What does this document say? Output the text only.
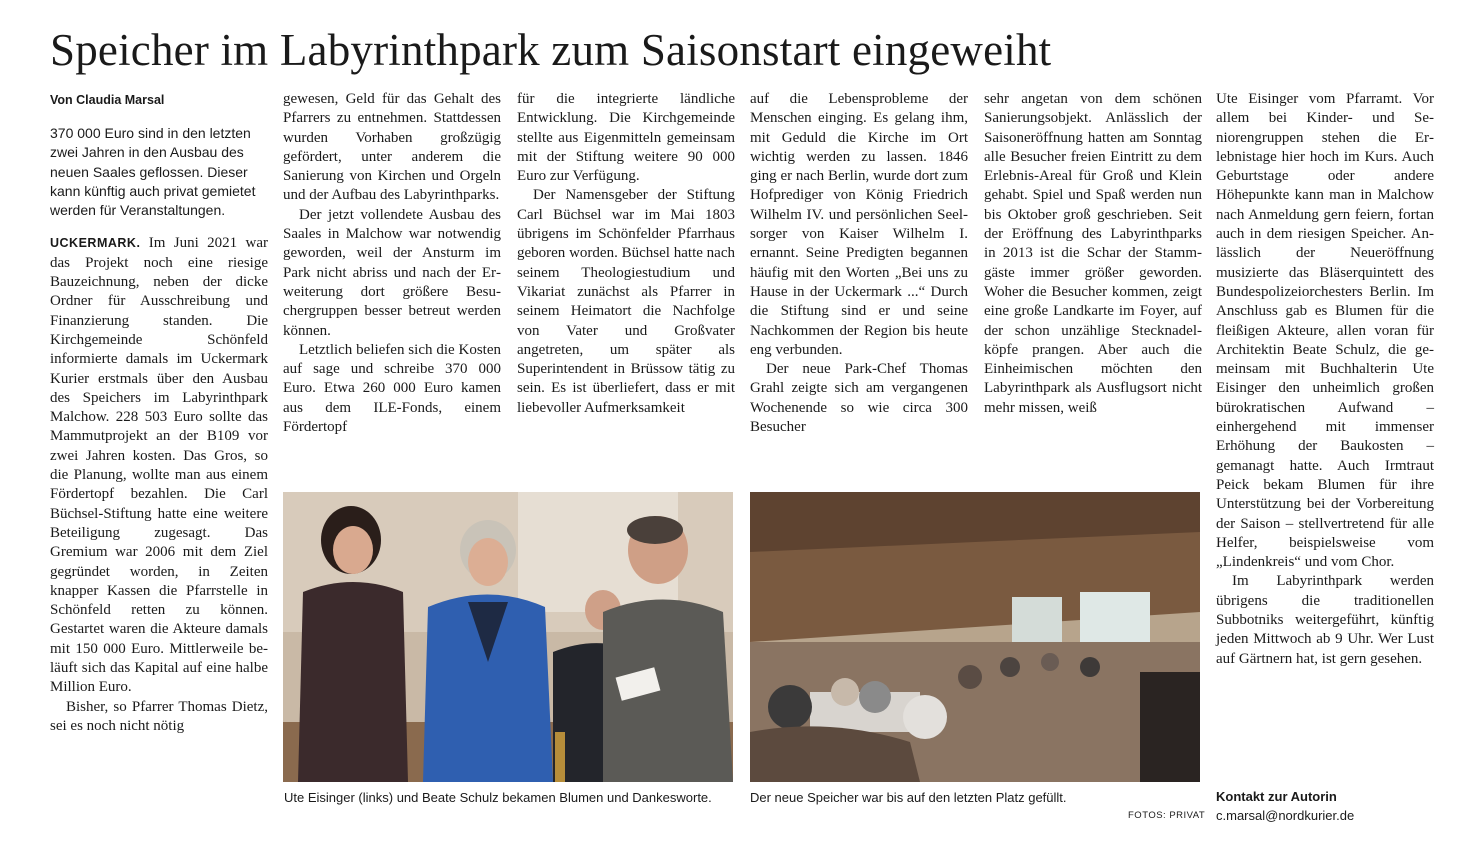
Speicher im Labyrinthpark zum Saisonstart eingeweiht
Von Claudia Marsal
370 000 Euro sind in den letzten zwei Jahren in den Ausbau des neuen Saales geflossen. Dieser kann künftig auch privat gemietet werden für Veranstaltungen.

UCKERMARK. Im Juni 2021 war das Projekt noch eine riesige Bauzeichnung, neben der dicke Ordner für Ausschreibung und Finanzierung standen. Die Kirchgemeinde Schönfeld informierte damals im Uckermark Kurier erstmals über den Ausbau des Speichers im Labyrinthpark Malchow. 228 503 Euro sollte das Mammutprojekt an der B109 vor zwei Jahren kosten. Das Gros, so die Planung, wollte man aus einem Fördertopf bezahlen. Die Carl Büchsel-Stiftung hatte eine weitere Beteiligung zugesagt. Das Gremium war 2006 mit dem Ziel gegründet worden, in Zeiten knapper Kassen die Pfarrstelle in Schönfeld retten zu können. Gestartet waren die Akteure damals mit 150 000 Euro. Mittlerweile beläuft sich das Kapital auf eine halbe Million Euro.

Bisher, so Pfarrer Thomas Dietz, sei es noch nicht nötig

gewesen, Geld für das Gehalt des Pfarrers zu entnehmen. Stattdessen wurden Vorhaben großzügig gefördert, unter anderem die Sanierung von Kirchen und Orgeln und der Aufbau des Labyrinthparks.

Der jetzt vollendete Ausbau des Saales in Malchow war notwendig geworden, weil der Ansturm im Park nicht abriss und nach der Erweiterung dort größere Besuchergruppen besser betreut werden können.

Letztlich beliefen sich die Kosten auf sage und schreibe 370 000 Euro. Etwa 260 000 Euro kamen aus dem ILE-Fonds, einem Fördertopf

für die integrierte ländliche Entwicklung. Die Kirchgemeinde stellte aus Eigenmitteln gemeinsam mit der Stiftung weitere 90 000 Euro zur Verfügung.

Der Namensgeber der Stiftung Carl Büchsel war im Mai 1803 übrigens im Schönfelder Pfarrhaus geboren worden. Büchsel hatte nach seinem Theologiestudium und Vikariat zunächst als Pfarrer in seinem Heimatort die Nachfolge von Vater und Großvater angetreten, um später als Superintendent in Brüssow tätig zu sein. Es ist überliefert, dass er mit liebevoller Aufmerksamkeit

auf die Lebensprobleme der Menschen einging. Es gelang ihm, mit Geduld die Kirche im Ort wichtig werden zu lassen. 1846 ging er nach Berlin, wurde dort zum Hofprediger von König Friedrich Wilhelm IV. und persönlichen Seelsorger von Kaiser Wilhelm I. ernannt. Seine Predigten begannen häufig mit den Worten „Bei uns zu Hause in der Uckermark ...“ Durch die Stiftung sind er und seine Nachkommen der Region bis heute eng verbunden.

Der neue Park-Chef Thomas Grahl zeigte sich am vergangenen Wochenende so wie circa 300 Besucher

sehr angetan von dem schönen Sanierungsobjekt. Anlässlich der Saisoneröffnung hatten am Sonntag alle Besucher freien Eintritt zu dem Erlebnis-Areal für Groß und Klein gehabt. Spiel und Spaß werden nun bis Oktober groß geschrieben. Seit der Eröffnung des Labyrinthparks in 2013 ist die Schar der Stammgäste immer größer geworden. Woher die Besucher kommen, zeigt eine große Landkarte im Foyer, auf der schon unzählige Stecknadelköpfe prangen. Aber auch die Einheimischen möchten den Labyrinthpark als Ausflugsort nicht mehr missen, weiß

Ute Eisinger vom Pfarramt. Vor allem bei Kinder- und Seniorengruppen stehen die Erlebnistage hier hoch im Kurs. Auch Geburtstage oder andere Höhepunkte kann man in Malchow nach Anmeldung gern feiern, fortan auch in dem riesigen Speicher. Anlässlich der Neueröffnung musizierte das Bläserquintett des Bundespolizeiorchesters Berlin. Im Anschluss gab es Blumen für die fleißigen Akteure, allen voran für Architektin Beate Schulz, die gemeinsam mit Buchhalterin Ute Eisinger den unheimlich großen bürokratischen Aufwand – einhergehend mit immenser Erhöhung der Baukosten – gemanagt hatte. Auch Irmtraut Peick bekam Blumen für ihre Unterstützung bei der Vorbereitung der Saison – stellvertretend für alle Helfer, beispielsweise vom „Lindenkreis“ und vom Chor.

Im Labyrinthpark werden übrigens die traditionellen Subbotniks weitergeführt, künftig jeden Mittwoch ab 9 Uhr. Wer Lust auf Gärtnern hat, ist gern gesehen.

Ute Eisinger (links) und Beate Schulz bekamen Blumen und Dankesworte.	Der neue Speicher war bis auf den letzten Platz gefüllt.
FOTOS: PRIVAT
Kontakt zur Autorin
c.marsal@nordkurier.de
